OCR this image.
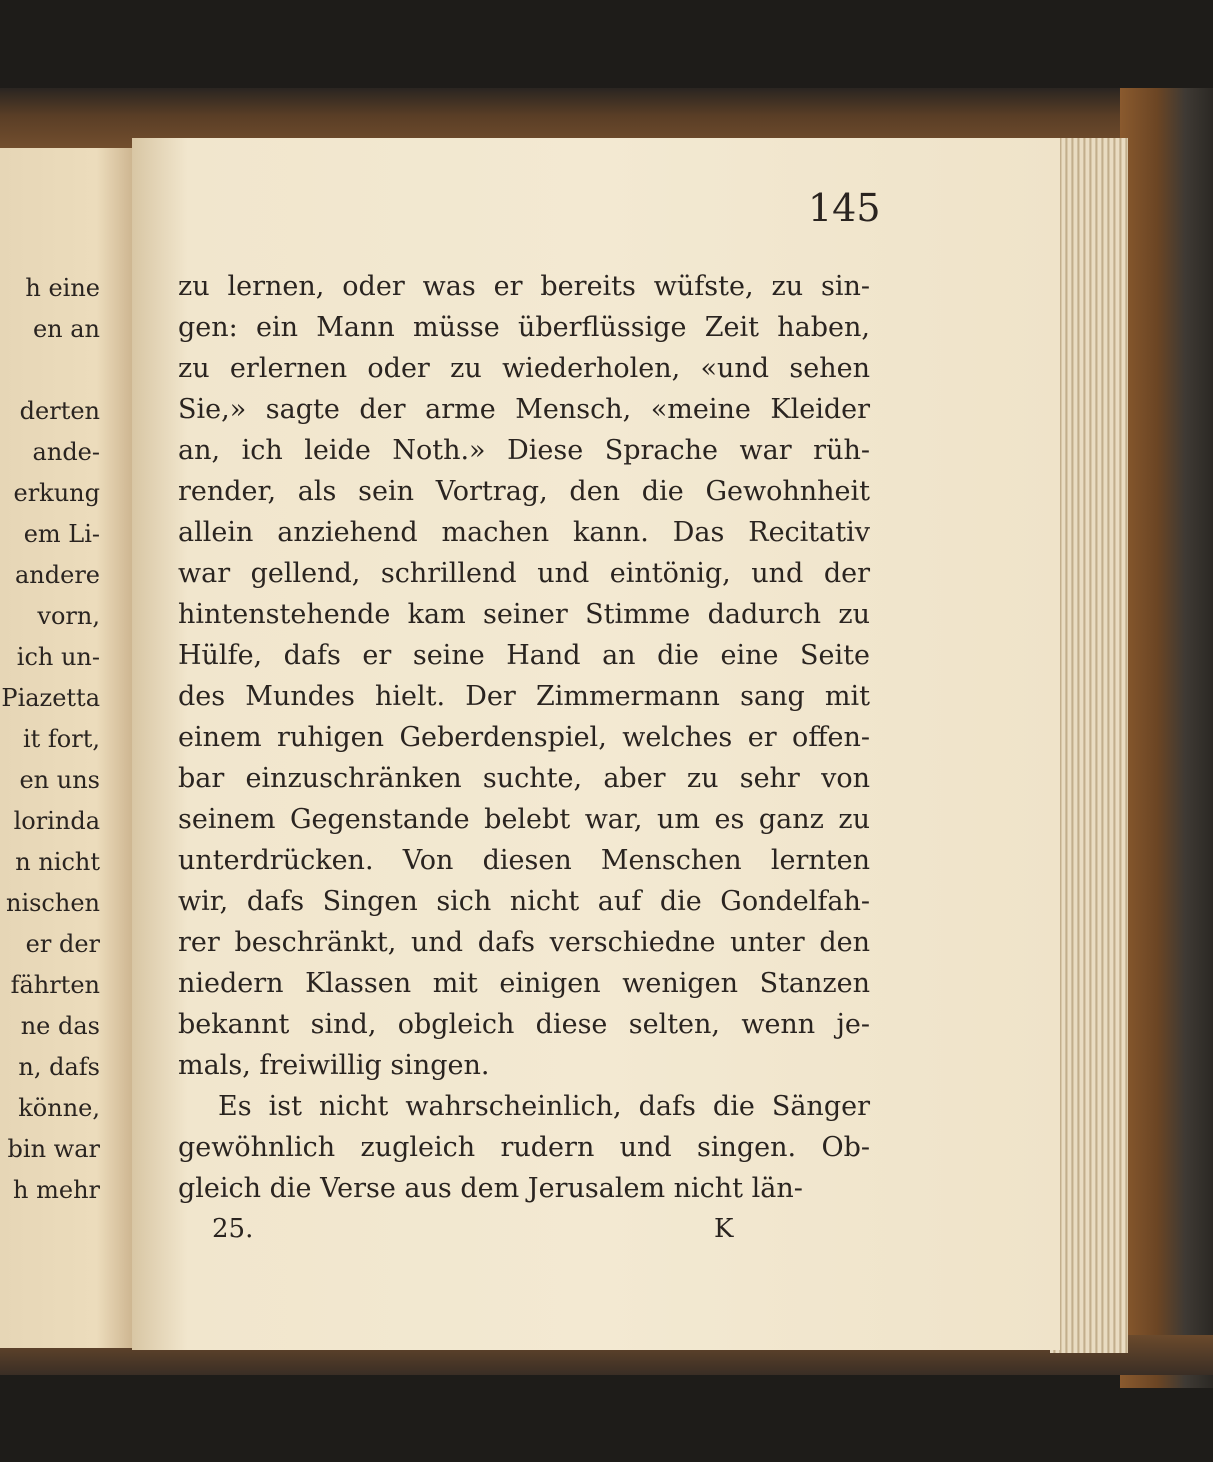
h eine
en an
derten
ande-
erkung
em Li-
andere
vorn,
ich un-
Piazetta
it fort,
en uns
lorinda
n nicht
nischen
er der
fährten
ne das
n, dafs
könne,
bin war
h mehr
145
zu lernen, oder was er bereits wüfste, zu sin-
gen: ein Mann müsse überflüssige Zeit haben,
zu erlernen oder zu wiederholen, «und sehen
Sie,» sagte der arme Mensch, «meine Kleider
an, ich leide Noth.» Diese Sprache war rüh-
render, als sein Vortrag, den die Gewohnheit
allein anziehend machen kann. Das Recitativ
war gellend, schrillend und eintönig, und der
hintenstehende kam seiner Stimme dadurch zu
Hülfe, dafs er seine Hand an die eine Seite
des Mundes hielt. Der Zimmermann sang mit
einem ruhigen Geberdenspiel, welches er offen-
bar einzuschränken suchte, aber zu sehr von
seinem Gegenstande belebt war, um es ganz zu
unterdrücken. Von diesen Menschen lernten
wir, dafs Singen sich nicht auf die Gondelfah-
rer beschränkt, und dafs verschiedne unter den
niedern Klassen mit einigen wenigen Stanzen
bekannt sind, obgleich diese selten, wenn je-
mals, freiwillig singen.
Es ist nicht wahrscheinlich, dafs die Sänger
gewöhnlich zugleich rudern und singen. Ob-
gleich die Verse aus dem Jerusalem nicht län-
25.	K
